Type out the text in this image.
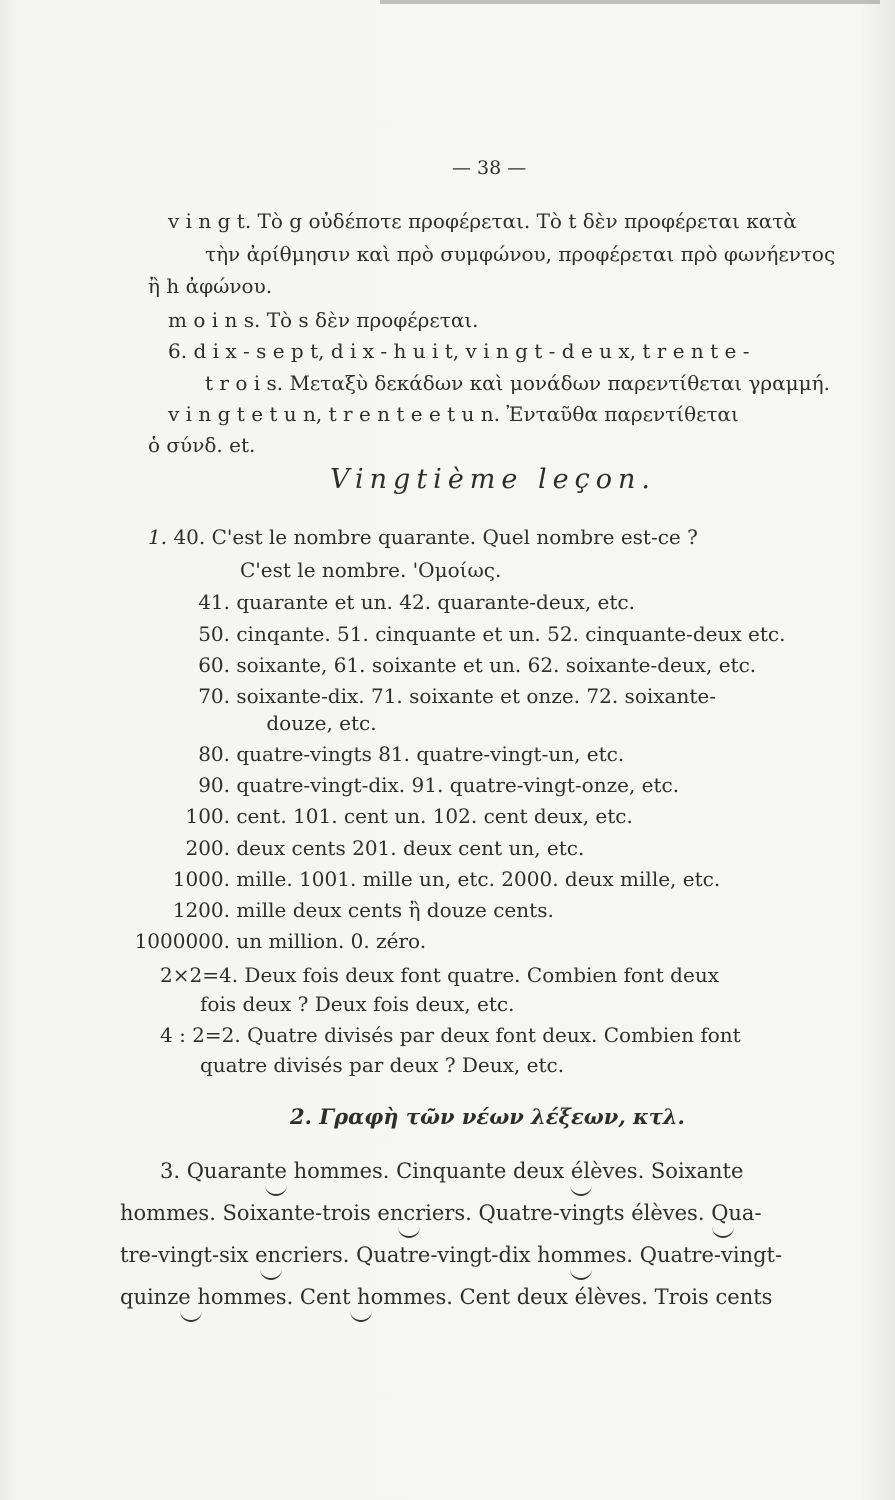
— 38 —
v i n g t. Τὸ g οὐδέποτε προφέρεται. Τὸ t δὲν προφέρεται κατὰ
τὴν ἀρίθμησιν καὶ πρὸ συμφώνου, προφέρεται πρὸ φωνήεντος
ἢ h ἀφώνου.
m o i n s. Τὸ s δὲν προφέρεται.
6. d i x - s e p t, d i x - h u i t, v i n g t - d e u x, t r e n t e -
t r o i s. Μεταξὺ δεκάδων καὶ μονάδων παρεντίθεται γραμμή.
v i n g t e t u n, t r e n t e e t u n. Ἐνταῦθα παρεντίθεται
ὁ σύνδ. et.
Vingtième leçon.
1. 40. C'est le nombre quarante. Quel nombre est-ce ?
C'est le nombre. 'Ομοίως.
41. quarante et un. 42. quarante-deux, etc.
50. cinqante. 51. cinquante et un. 52. cinquante-deux etc.
60. soixante, 61. soixante et un. 62. soixante-deux, etc.
70. soixante-dix. 71. soixante et onze. 72. soixante-
douze, etc.
80. quatre-vingts 81. quatre-vingt-un, etc.
90. quatre-vingt-dix. 91. quatre-vingt-onze, etc.
100. cent. 101. cent un. 102. cent deux, etc.
200. deux cents 201. deux cent un, etc.
1000. mille. 1001. mille un, etc. 2000. deux mille, etc.
1200. mille deux cents ἢ douze cents.
1000000. un million. 0. zéro.
2×2=4. Deux fois deux font quatre. Combien font deux
fois deux ? Deux fois deux, etc.
4 : 2=2. Quatre divisés par deux font deux. Combien font
quatre divisés par deux ? Deux, etc.
2. Γραφὴ τῶν νέων λέξεων, κτλ.
3. Quarante hommes. Cinquante deux élèves. Soixante
hommes. Soixante-trois encriers. Quatre-vingts élèves. Qua-
tre-vingt-six encriers. Quatre-vingt-dix hommes. Quatre-vingt-
quinze hommes. Cent hommes. Cent deux élèves. Trois cents
